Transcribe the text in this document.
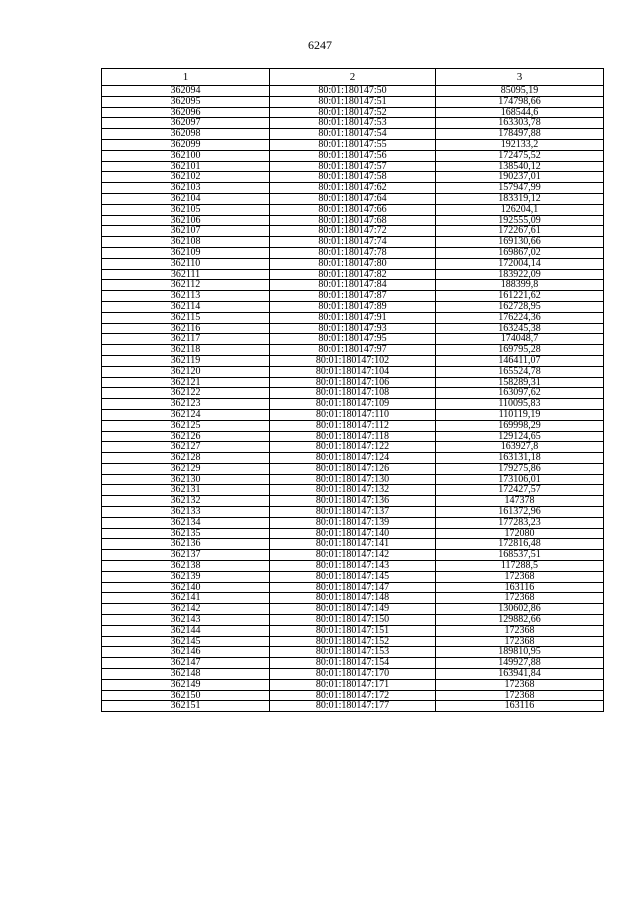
6247
1	2	3
362094	80:01:180147:50	85095,19
362095	80:01:180147:51	174798,66
362096	80:01:180147:52	168544,6
362097	80:01:180147:53	163303,78
362098	80:01:180147:54	178497,88
362099	80:01:180147:55	192133,2
362100	80:01:180147:56	172475,52
362101	80:01:180147:57	138540,12
362102	80:01:180147:58	190237,01
362103	80:01:180147:62	157947,99
362104	80:01:180147:64	183319,12
362105	80:01:180147:66	126204,1
362106	80:01:180147:68	192555,09
362107	80:01:180147:72	172267,61
362108	80:01:180147:74	169130,66
362109	80:01:180147:78	169867,02
362110	80:01:180147:80	172004,14
362111	80:01:180147:82	183922,09
362112	80:01:180147:84	188399,8
362113	80:01:180147:87	161221,62
362114	80:01:180147:89	162728,95
362115	80:01:180147:91	176224,36
362116	80:01:180147:93	163245,38
362117	80:01:180147:95	174048,7
362118	80:01:180147:97	169795,28
362119	80:01:180147:102	146411,07
362120	80:01:180147:104	165524,78
362121	80:01:180147:106	158289,31
362122	80:01:180147:108	163097,62
362123	80:01:180147:109	110095,83
362124	80:01:180147:110	110119,19
362125	80:01:180147:112	169998,29
362126	80:01:180147:118	129124,65
362127	80:01:180147:122	163927,8
362128	80:01:180147:124	163131,18
362129	80:01:180147:126	179275,86
362130	80:01:180147:130	173106,01
362131	80:01:180147:132	172427,57
362132	80:01:180147:136	147378
362133	80:01:180147:137	161372,96
362134	80:01:180147:139	177283,23
362135	80:01:180147:140	172080
362136	80:01:180147:141	172816,48
362137	80:01:180147:142	168537,51
362138	80:01:180147:143	117288,5
362139	80:01:180147:145	172368
362140	80:01:180147:147	163116
362141	80:01:180147:148	172368
362142	80:01:180147:149	130602,86
362143	80:01:180147:150	129882,66
362144	80:01:180147:151	172368
362145	80:01:180147:152	172368
362146	80:01:180147:153	189810,95
362147	80:01:180147:154	149927,88
362148	80:01:180147:170	163941,84
362149	80:01:180147:171	172368
362150	80:01:180147:172	172368
362151	80:01:180147:177	163116
